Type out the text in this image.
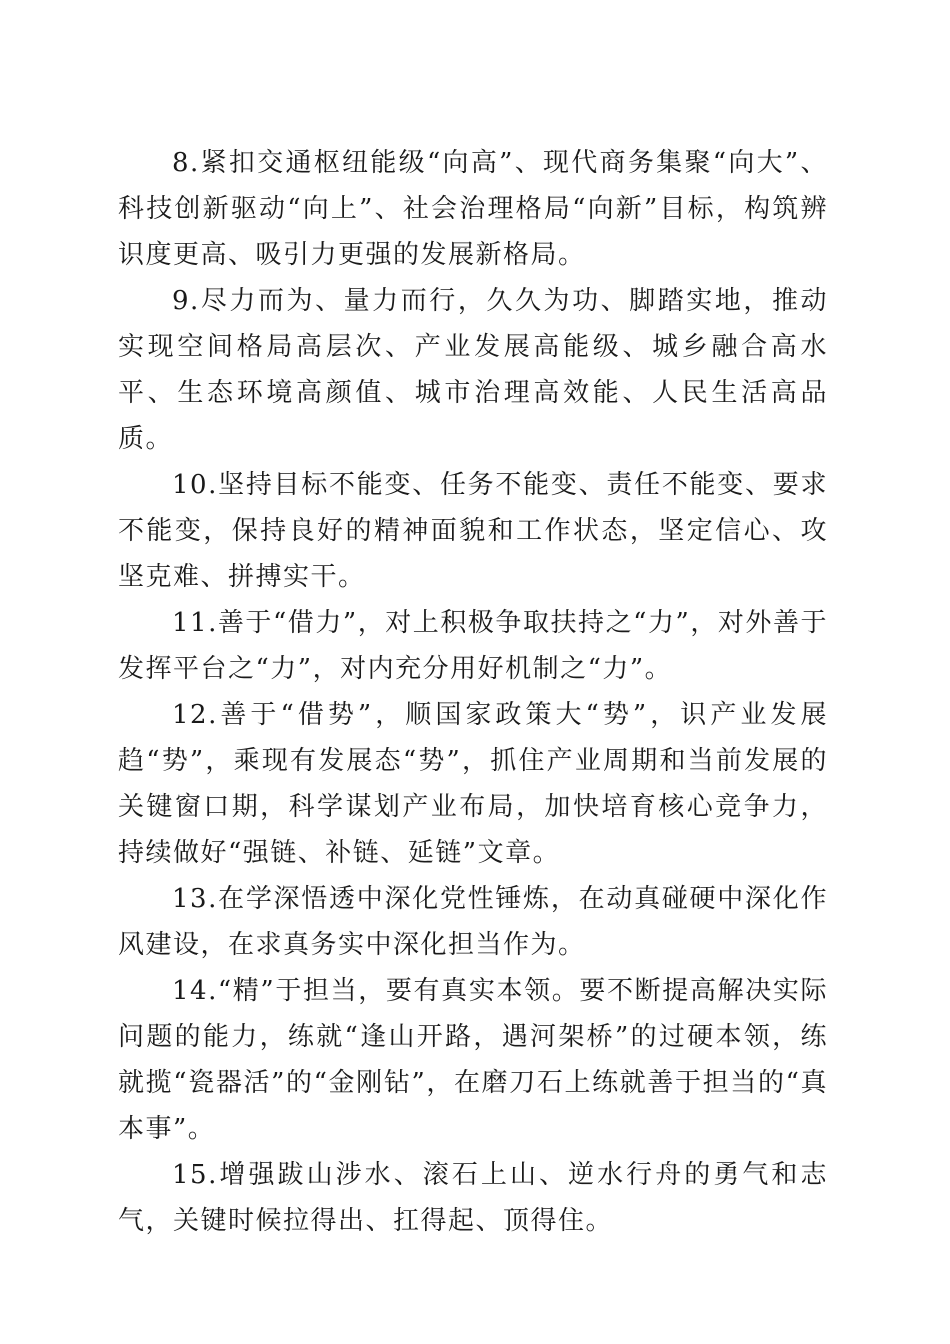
8.紧扣交通枢纽能级“向高”、现代商务集聚“向大”、科技创新驱动“向上”、社会治理格局“向新”目标，构筑辨识度更高、吸引力更强的发展新格局。

9.尽力而为、量力而行，久久为功、脚踏实地，推动实现空间格局高层次、产业发展高能级、城乡融合高水平、生态环境高颜值、城市治理高效能、人民生活高品质。

10.坚持目标不能变、任务不能变、责任不能变、要求不能变，保持良好的精神面貌和工作状态，坚定信心、攻坚克难、拼搏实干。

11.善于“借力”，对上积极争取扶持之“力”，对外善于发挥平台之“力”，对内充分用好机制之“力”。

12.善于“借势”，顺国家政策大“势”，识产业发展趋“势”，乘现有发展态“势”，抓住产业周期和当前发展的关键窗口期，科学谋划产业布局，加快培育核心竞争力，持续做好“强链、补链、延链”文章。

13.在学深悟透中深化党性锤炼，在动真碰硬中深化作风建设，在求真务实中深化担当作为。

14.“精”于担当，要有真实本领。要不断提高解决实际问题的能力，练就“逢山开路，遇河架桥”的过硬本领，练就揽“瓷器活”的“金刚钻”，在磨刀石上练就善于担当的“真本事”。

15.增强跋山涉水、滚石上山、逆水行舟的勇气和志气，关键时候拉得出、扛得起、顶得住。
